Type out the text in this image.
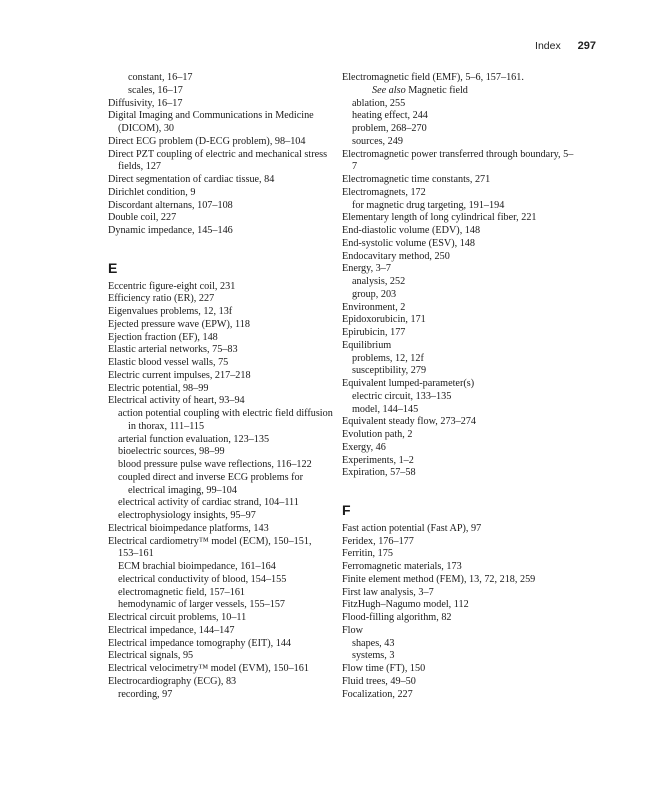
Index 297

constant, 16–17

scales, 16–17

Diffusivity, 16–17

Digital Imaging and Communications in Medicine (DICOM), 30

Direct ECG problem (D-ECG problem), 98–104

Direct PZT coupling of electric and mechanical stress fields, 127

Direct segmentation of cardiac tissue, 84

Dirichlet condition, 9

Discordant alternans, 107–108

Double coil, 227

Dynamic impedance, 145–146

E

Eccentric figure-eight coil, 231

Efficiency ratio (ER), 227

Eigenvalues problems, 12, 13f

Ejected pressure wave (EPW), 118

Ejection fraction (EF), 148

Elastic arterial networks, 75–83

Elastic blood vessel walls, 75

Electric current impulses, 217–218

Electric potential, 98–99

Electrical activity of heart, 93–94

action potential coupling with electric field diffusion in thorax, 111–115

arterial function evaluation, 123–135

bioelectric sources, 98–99

blood pressure pulse wave reflections, 116–122

coupled direct and inverse ECG problems for electrical imaging, 99–104

electrical activity of cardiac strand, 104–111

electrophysiology insights, 95–97

Electrical bioimpedance platforms, 143

Electrical cardiometry™ model (ECM), 150–151, 153–161

ECM brachial bioimpedance, 161–164

electrical conductivity of blood, 154–155

electromagnetic field, 157–161

hemodynamic of larger vessels, 155–157

Electrical circuit problems, 10–11

Electrical impedance, 144–147

Electrical impedance tomography (EIT), 144

Electrical signals, 95

Electrical velocimetry™ model (EVM), 150–161

Electrocardiography (ECG), 83

recording, 97

Electromagnetic field (EMF), 5–6, 157–161.

See also Magnetic field

ablation, 255

heating effect, 244

problem, 268–270

sources, 249

Electromagnetic power transferred through boundary, 5–7

Electromagnetic time constants, 271

Electromagnets, 172

for magnetic drug targeting, 191–194

Elementary length of long cylindrical fiber, 221

End-diastolic volume (EDV), 148

End-systolic volume (ESV), 148

Endocavitary method, 250

Energy, 3–7

analysis, 252

group, 203

Environment, 2

Epidoxorubicin, 171

Epirubicin, 177

Equilibrium

problems, 12, 12f

susceptibility, 279

Equivalent lumped-parameter(s)

electric circuit, 133–135

model, 144–145

Equivalent steady flow, 273–274

Evolution path, 2

Exergy, 46

Experiments, 1–2

Expiration, 57–58

F

Fast action potential (Fast AP), 97

Feridex, 176–177

Ferritin, 175

Ferromagnetic materials, 173

Finite element method (FEM), 13, 72, 218, 259

First law analysis, 3–7

FitzHugh–Nagumo model, 112

Flood-filling algorithm, 82

Flow

shapes, 43

systems, 3

Flow time (FT), 150

Fluid trees, 49–50

Focalization, 227
